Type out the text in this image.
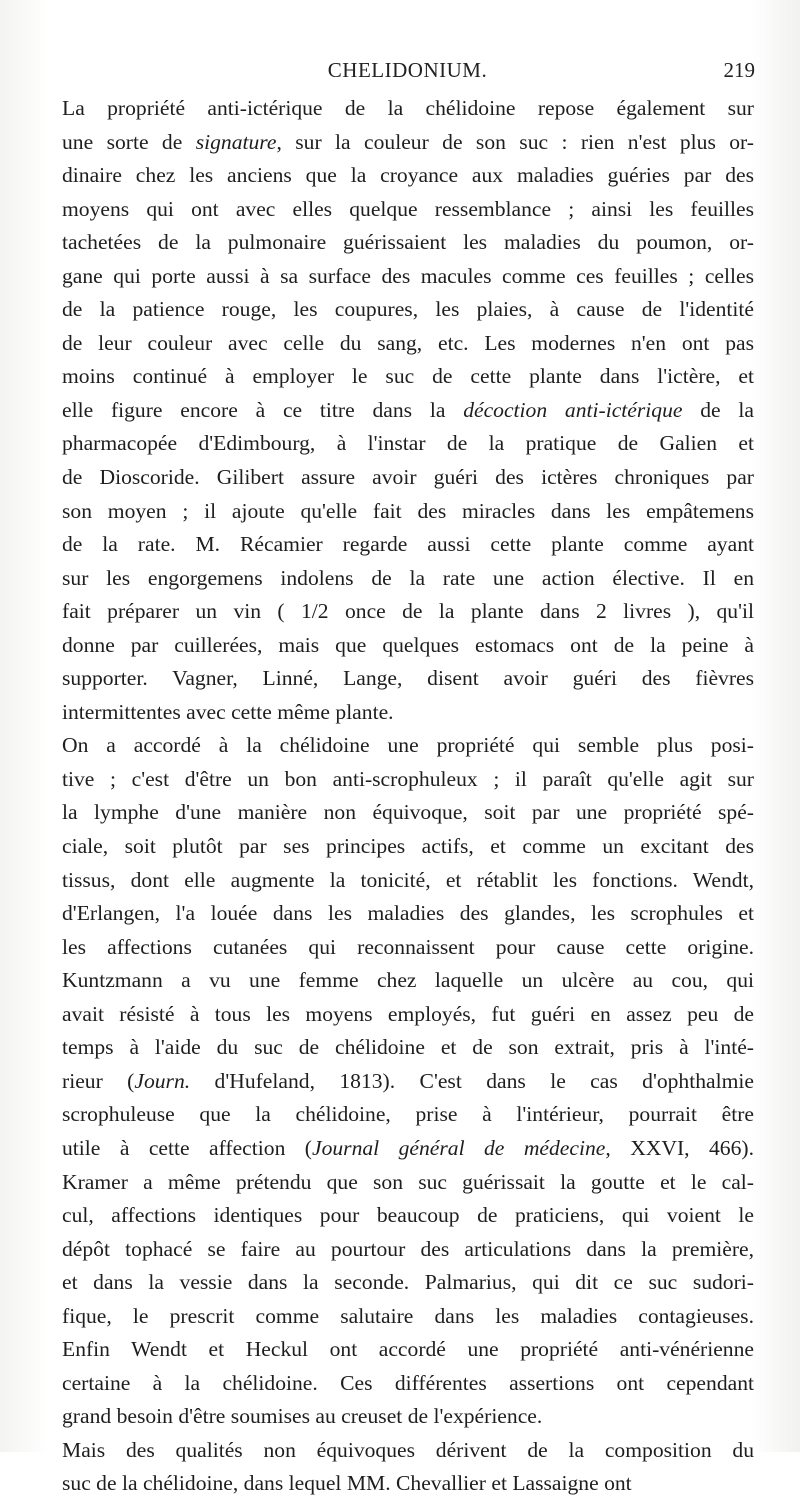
CHELIDONIUM.	219
La propriété anti-ictérique de la chélidoine repose également sur
une sorte de signature, sur la couleur de son suc : rien n'est plus or-
dinaire chez les anciens que la croyance aux maladies guéries par des
moyens qui ont avec elles quelque ressemblance ; ainsi les feuilles
tachetées de la pulmonaire guérissaient les maladies du poumon, or-
gane qui porte aussi à sa surface des macules comme ces feuilles ; celles
de la patience rouge, les coupures, les plaies, à cause de l'identité
de leur couleur avec celle du sang, etc. Les modernes n'en ont pas
moins continué à employer le suc de cette plante dans l'ictère, et
elle figure encore à ce titre dans la décoction anti-ictérique de la
pharmacopée d'Edimbourg, à l'instar de la pratique de Galien et
de Dioscoride. Gilibert assure avoir guéri des ictères chroniques par
son moyen ; il ajoute qu'elle fait des miracles dans les empâtemens
de la rate. M. Récamier regarde aussi cette plante comme ayant
sur les engorgemens indolens de la rate une action élective. Il en
fait préparer un vin ( 1/2 once de la plante dans 2 livres ), qu'il
donne par cuillerées, mais que quelques estomacs ont de la peine à
supporter. Vagner, Linné, Lange, disent avoir guéri des fièvres
intermittentes avec cette même plante.
On a accordé à la chélidoine une propriété qui semble plus posi-
tive ; c'est d'être un bon anti-scrophuleux ; il paraît qu'elle agit sur
la lymphe d'une manière non équivoque, soit par une propriété spé-
ciale, soit plutôt par ses principes actifs, et comme un excitant des
tissus, dont elle augmente la tonicité, et rétablit les fonctions. Wendt,
d'Erlangen, l'a louée dans les maladies des glandes, les scrophules et
les affections cutanées qui reconnaissent pour cause cette origine.
Kuntzmann a vu une femme chez laquelle un ulcère au cou, qui
avait résisté à tous les moyens employés, fut guéri en assez peu de
temps à l'aide du suc de chélidoine et de son extrait, pris à l'inté-
rieur (Journ. d'Hufeland, 1813). C'est dans le cas d'ophthalmie
scrophuleuse que la chélidoine, prise à l'intérieur, pourrait être
utile à cette affection (Journal général de médecine, XXVI, 466).
Kramer a même prétendu que son suc guérissait la goutte et le cal-
cul, affections identiques pour beaucoup de praticiens, qui voient le
dépôt tophacé se faire au pourtour des articulations dans la première,
et dans la vessie dans la seconde. Palmarius, qui dit ce suc sudori-
fique, le prescrit comme salutaire dans les maladies contagieuses.
Enfin Wendt et Heckul ont accordé une propriété anti-vénérienne
certaine à la chélidoine. Ces différentes assertions ont cependant
grand besoin d'être soumises au creuset de l'expérience.
Mais des qualités non équivoques dérivent de la composition du
suc de la chélidoine, dans lequel MM. Chevallier et Lassaigne ont
